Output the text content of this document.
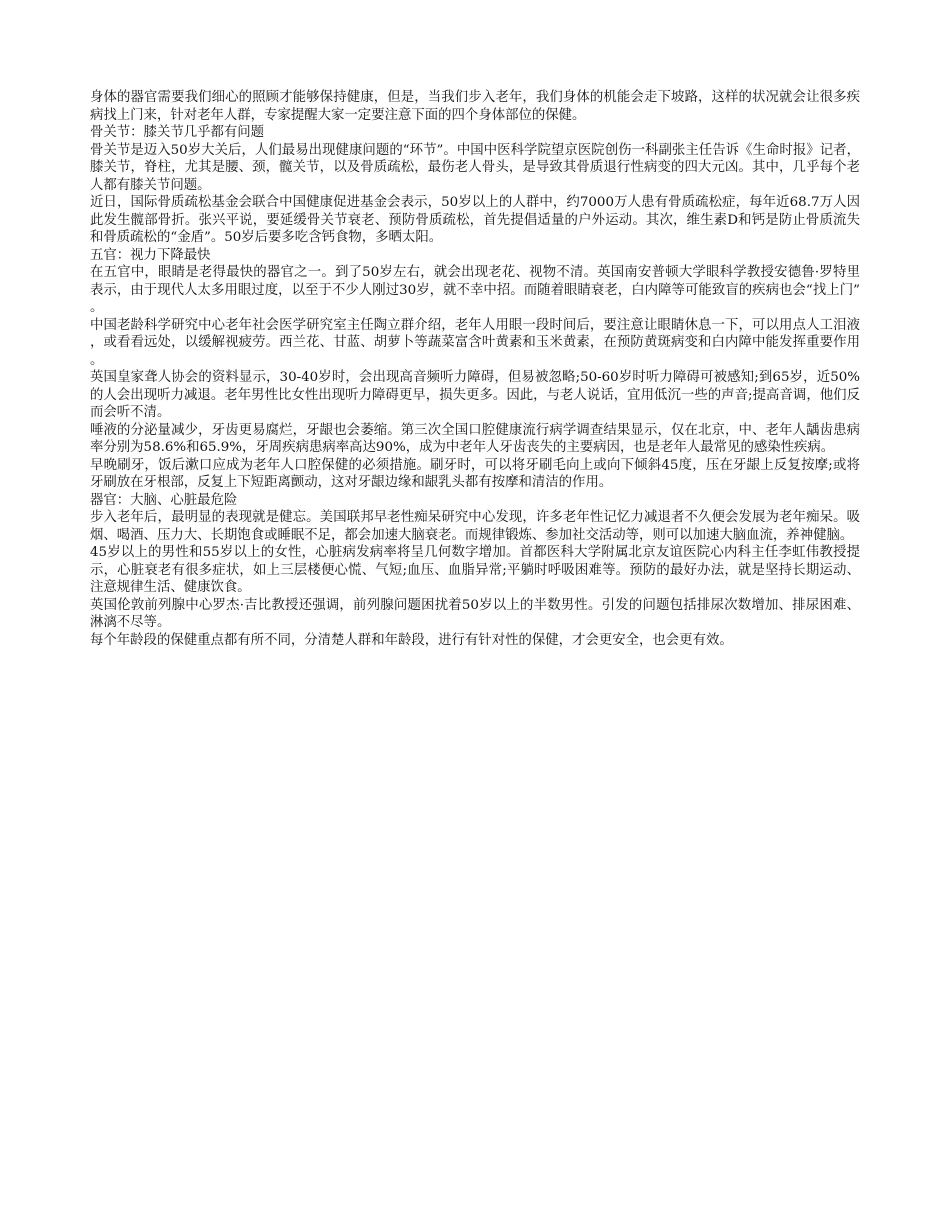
身体的器官需要我们细心的照顾才能够保持健康，但是，当我们步入老年，我们身体的机能会走下坡路，这样的状况就会让很多疾病找上门来，针对老年人群，专家提醒大家一定要注意下面的四个身体部位的保健。

骨关节：膝关节几乎都有问题

骨关节是迈入50岁大关后，人们最易出现健康问题的“环节”。中国中医科学院望京医院创伤一科副张主任告诉《生命时报》记者，膝关节，脊柱，尤其是腰、颈，髋关节，以及骨质疏松，最伤老人骨头，是导致其骨质退行性病变的四大元凶。其中，几乎每个老人都有膝关节问题。

近日，国际骨质疏松基金会联合中国健康促进基金会表示，50岁以上的人群中，约7000万人患有骨质疏松症，每年近68.7万人因此发生髋部骨折。张兴平说，要延缓骨关节衰老、预防骨质疏松，首先提倡适量的户外运动。其次，维生素D和钙是防止骨质流失和骨质疏松的“金盾”。50岁后要多吃含钙食物，多晒太阳。

五官：视力下降最快

在五官中，眼睛是老得最快的器官之一。到了50岁左右，就会出现老花、视物不清。英国南安普顿大学眼科学教授安德鲁·罗特里表示，由于现代人太多用眼过度，以至于不少人刚过30岁，就不幸中招。而随着眼睛衰老，白内障等可能致盲的疾病也会“找上门”。

中国老龄科学研究中心老年社会医学研究室主任陶立群介绍，老年人用眼一段时间后，要注意让眼睛休息一下，可以用点人工泪液，或看看远处，以缓解视疲劳。西兰花、甘蓝、胡萝卜等蔬菜富含叶黄素和玉米黄素，在预防黄斑病变和白内障中能发挥重要作用。

英国皇家聋人协会的资料显示，30-40岁时，会出现高音频听力障碍，但易被忽略;50-60岁时听力障碍可被感知;到65岁，近50%的人会出现听力减退。老年男性比女性出现听力障碍更早，损失更多。因此，与老人说话，宜用低沉一些的声音;提高音调，他们反而会听不清。

唾液的分泌量减少，牙齿更易腐烂，牙龈也会萎缩。第三次全国口腔健康流行病学调查结果显示，仅在北京，中、老年人龋齿患病率分别为58.6%和65.9%，牙周疾病患病率高达90%，成为中老年人牙齿丧失的主要病因，也是老年人最常见的感染性疾病。

早晚刷牙，饭后漱口应成为老年人口腔保健的必须措施。刷牙时，可以将牙刷毛向上或向下倾斜45度，压在牙龈上反复按摩;或将牙刷放在牙根部，反复上下短距离颤动，这对牙龈边缘和龈乳头都有按摩和清洁的作用。

器官：大脑、心脏最危险

步入老年后，最明显的表现就是健忘。美国联邦早老性痴呆研究中心发现，许多老年性记忆力减退者不久便会发展为老年痴呆。吸烟、喝酒、压力大、长期饱食或睡眠不足，都会加速大脑衰老。而规律锻炼、参加社交活动等，则可以加速大脑血流，养神健脑。

45岁以上的男性和55岁以上的女性，心脏病发病率将呈几何数字增加。首都医科大学附属北京友谊医院心内科主任李虹伟教授提示，心脏衰老有很多症状，如上三层楼便心慌、气短;血压、血脂异常;平躺时呼吸困难等。预防的最好办法，就是坚持长期运动、注意规律生活、健康饮食。

英国伦敦前列腺中心罗杰·吉比教授还强调，前列腺问题困扰着50岁以上的半数男性。引发的问题包括排尿次数增加、排尿困难、淋漓不尽等。

每个年龄段的保健重点都有所不同，分清楚人群和年龄段，进行有针对性的保健，才会更安全，也会更有效。
